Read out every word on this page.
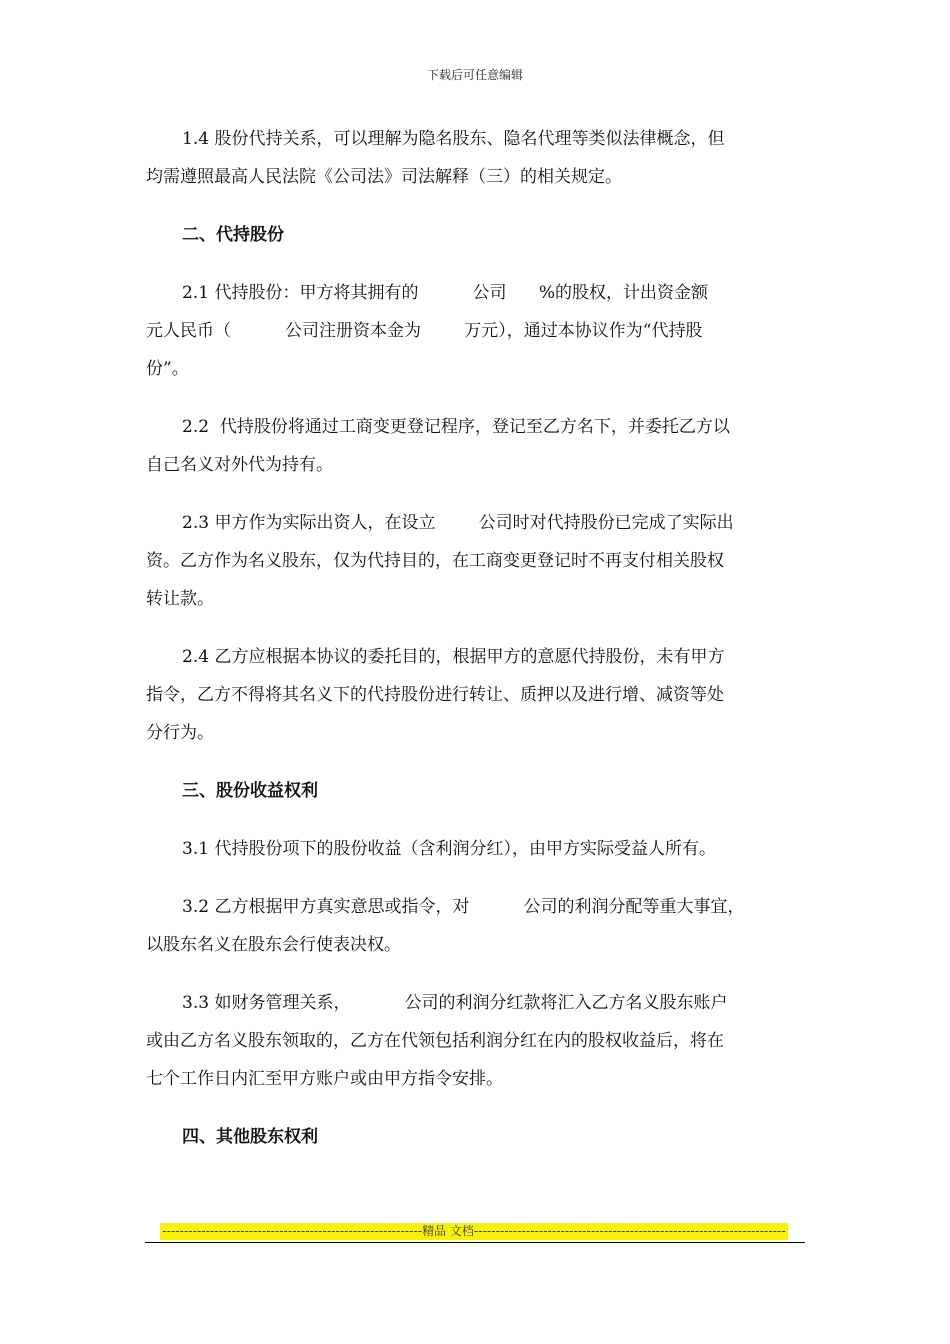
下载后可任意编辑
1.4 股份代持关系，可以理解为隐名股东、隐名代理等类似法律概念，但
均需遵照最高人民法院《公司法》司法解释（三）的相关规定。
二、代持股份
2.1 代持股份：甲方将其拥有的          公司      %的股权，计出资金额
元人民币（          公司注册资本金为        万元），通过本协议作为“代持股
份”。
2.2  代持股份将通过工商变更登记程序，登记至乙方名下，并委托乙方以
自己名义对外代为持有。
2.3 甲方作为实际出资人，在设立        公司时对代持股份已完成了实际出
资。乙方作为名义股东，仅为代持目的，在工商变更登记时不再支付相关股权
转让款。
2.4 乙方应根据本协议的委托目的，根据甲方的意愿代持股份，未有甲方
指令，乙方不得将其名义下的代持股份进行转让、质押以及进行增、减资等处
分行为。
三、股份收益权利
3.1 代持股份项下的股份收益（含利润分红），由甲方实际受益人所有。
3.2 乙方根据甲方真实意思或指令，对          公司的利润分配等重大事宜，
以股东名义在股东会行使表决权。
3.3 如财务管理关系，          公司的利润分红款将汇入乙方名义股东账户
或由乙方名义股东领取的，乙方在代领包括利润分红在内的股权收益后，将在
七个工作日内汇至甲方账户或由甲方指令安排。
四、其他股东权利
------------------------------------------------------------精品 文档------------------------------------------------------------------------
